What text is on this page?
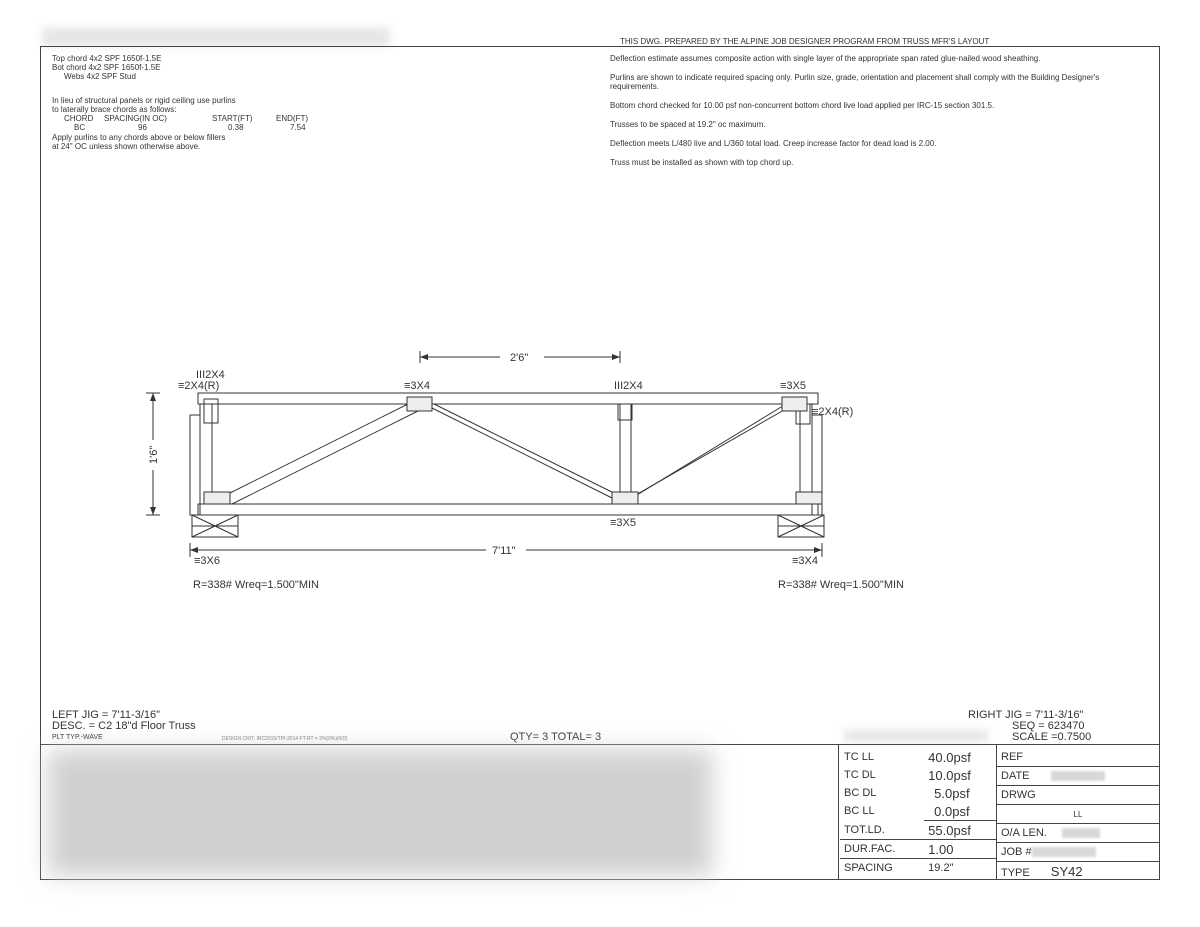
THIS DWG. PREPARED BY THE ALPINE JOB DESIGNER PROGRAM FROM TRUSS MFR'S LAYOUT
Top chord 4x2 SPF 1650f-1.5E
Bot chord 4x2 SPF 1650f-1.5E
Webs 4x2 SPF Stud
In lieu of structural panels or rigid ceiling use purlins
to laterally brace chords as follows:
CHORD SPACING(IN OC)	START(FT)	END(FT)
BC	96	0.38	7.54
Apply purlins to any chords above or below fillers
at 24" OC unless shown otherwise above.
Deflection estimate assumes composite action with single layer of the appropriate span rated glue-nailed wood sheathing.
Purlins are shown to indicate required spacing only. Purlin size, grade, orientation and placement shall comply with the Building Designer's requirements.
Bottom chord checked for 10.00 psf non-concurrent bottom chord live load applied per IRC-15 section 301.5.
Trusses to be spaced at 19.2" oc maximum.
Deflection meets L/480 live and L/360 total load. Creep increase factor for dead load is 2.00.
Truss must be installed as shown with top chord up.
2'6"
7'11"
1'6"
III2X4
≡2X4(R)	≡3X4	III2X4	≡3X5
≡2X4(R)
≡3X5
≡3X6	≡3X4
R=338# Wreq=1.500"MIN	R=338# Wreq=1.500"MIN
LEFT JIG = 7'11-3/16"
DESC. = C2 18"d Floor Truss
PLT TYP.-WAVE	DESIGN CRIT: IRC2015/TPI-2014 FT-RT = 3%(0%)/0(0)	QTY= 3 TOTAL= 3
RIGHT JIG = 7'11-3/16"
SEQ = 623470
SCALE =0.7500
TC LL	40.0psf
TC DL	10.0psf
BC DL	5.0psf
BC LL	0.0psf
TOT.LD.	55.0psf
DUR.FAC.	1.00
SPACING	19.2"
REF
DATE
DRWG
LL
O/A LEN.
JOB #
TYPE SY42
